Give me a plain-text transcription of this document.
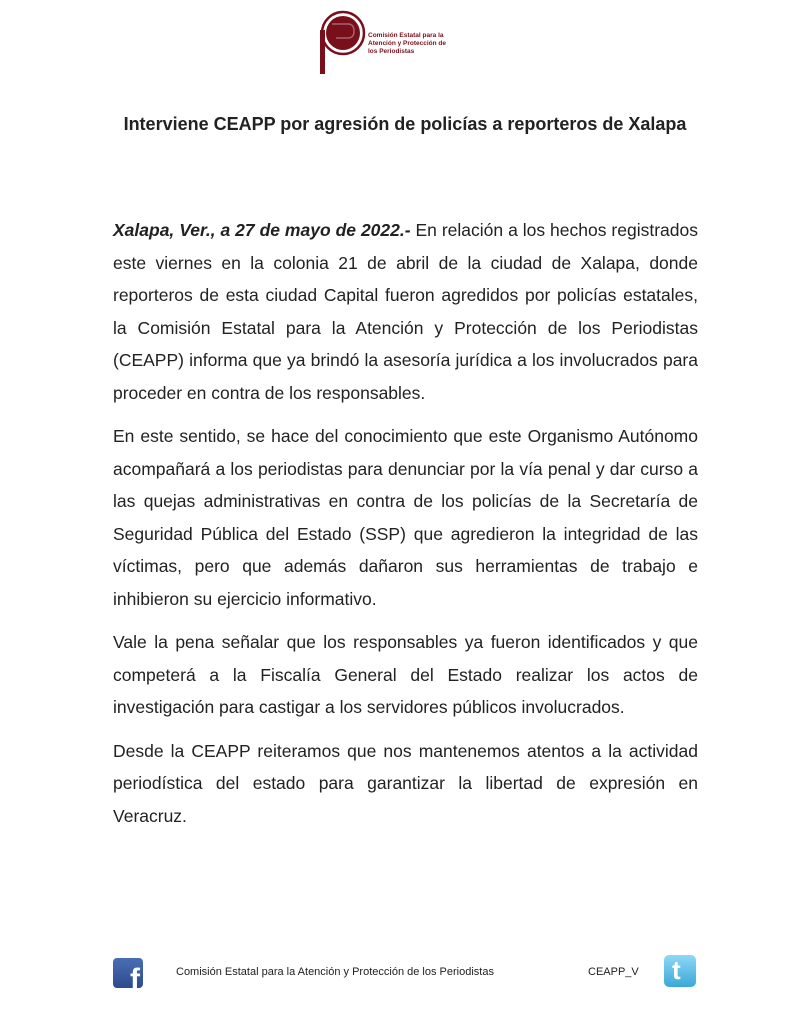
Comisión Estatal para la
Atención y Protección de
los Periodistas
Interviene CEAPP por agresión de policías a reporteros de Xalapa

Xalapa, Ver., a 27 de mayo de 2022.- En relación a los hechos registrados este viernes en la colonia 21 de abril de la ciudad de Xalapa, donde reporteros de esta ciudad Capital fueron agredidos por policías estatales, la Comisión Estatal para la Atención y Protección de los Periodistas (CEAPP) informa que ya brindó la asesoría jurídica a los involucrados para proceder en contra de los responsables.

En este sentido, se hace del conocimiento que este Organismo Autónomo acompañará a los periodistas para denunciar por la vía penal y dar curso a las quejas administrativas en contra de los policías de la Secretaría de Seguridad Pública del Estado (SSP) que agredieron la integridad de las víctimas, pero que además dañaron sus herramientas de trabajo e inhibieron su ejercicio informativo.

Vale la pena señalar que los responsables ya fueron identificados y que competerá a la Fiscalía General del Estado realizar los actos de investigación para castigar a los servidores públicos involucrados.

Desde la CEAPP reiteramos que nos mantenemos atentos a la actividad periodística del estado para garantizar la libertad de expresión en Veracruz.

f	Comisión Estatal para la Atención y Protección de los Periodistas	CEAPP_V t
